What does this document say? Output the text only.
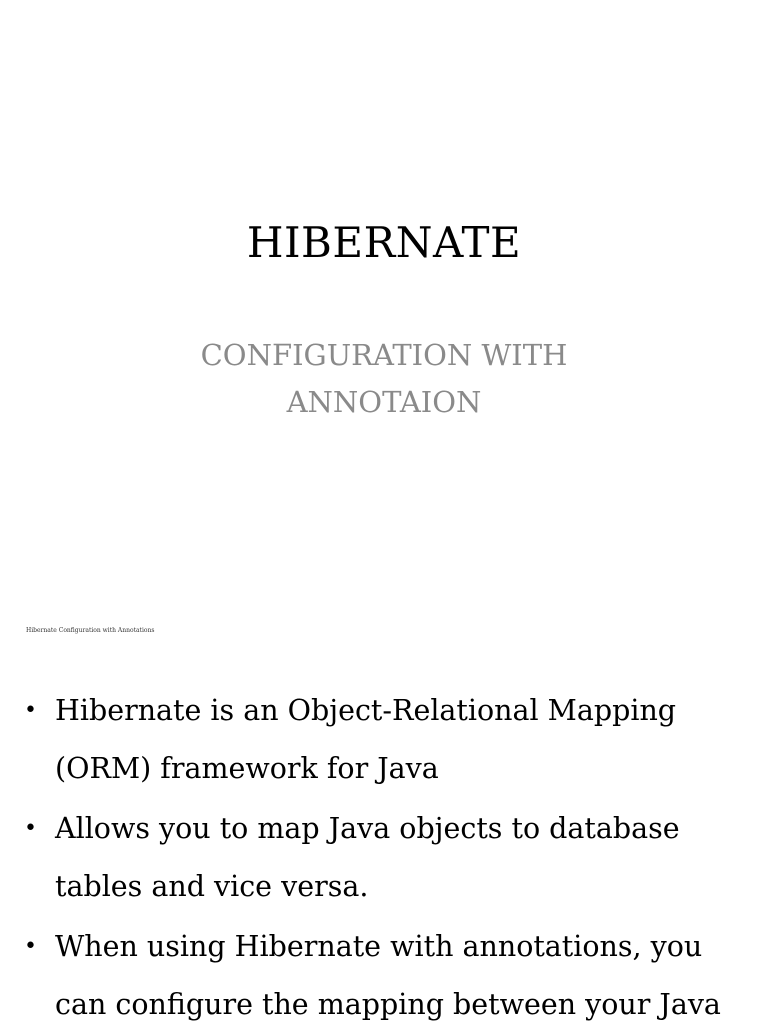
HIBERNATE
CONFIGURATION WITH
ANNOTAION
Hibernate Configuration with Annotations
• Hibernate is an Object-Relational Mapping (ORM) framework for Java
• Allows you to map Java objects to database tables and vice versa.
• When using Hibernate with annotations, you can configure the mapping between your Java
